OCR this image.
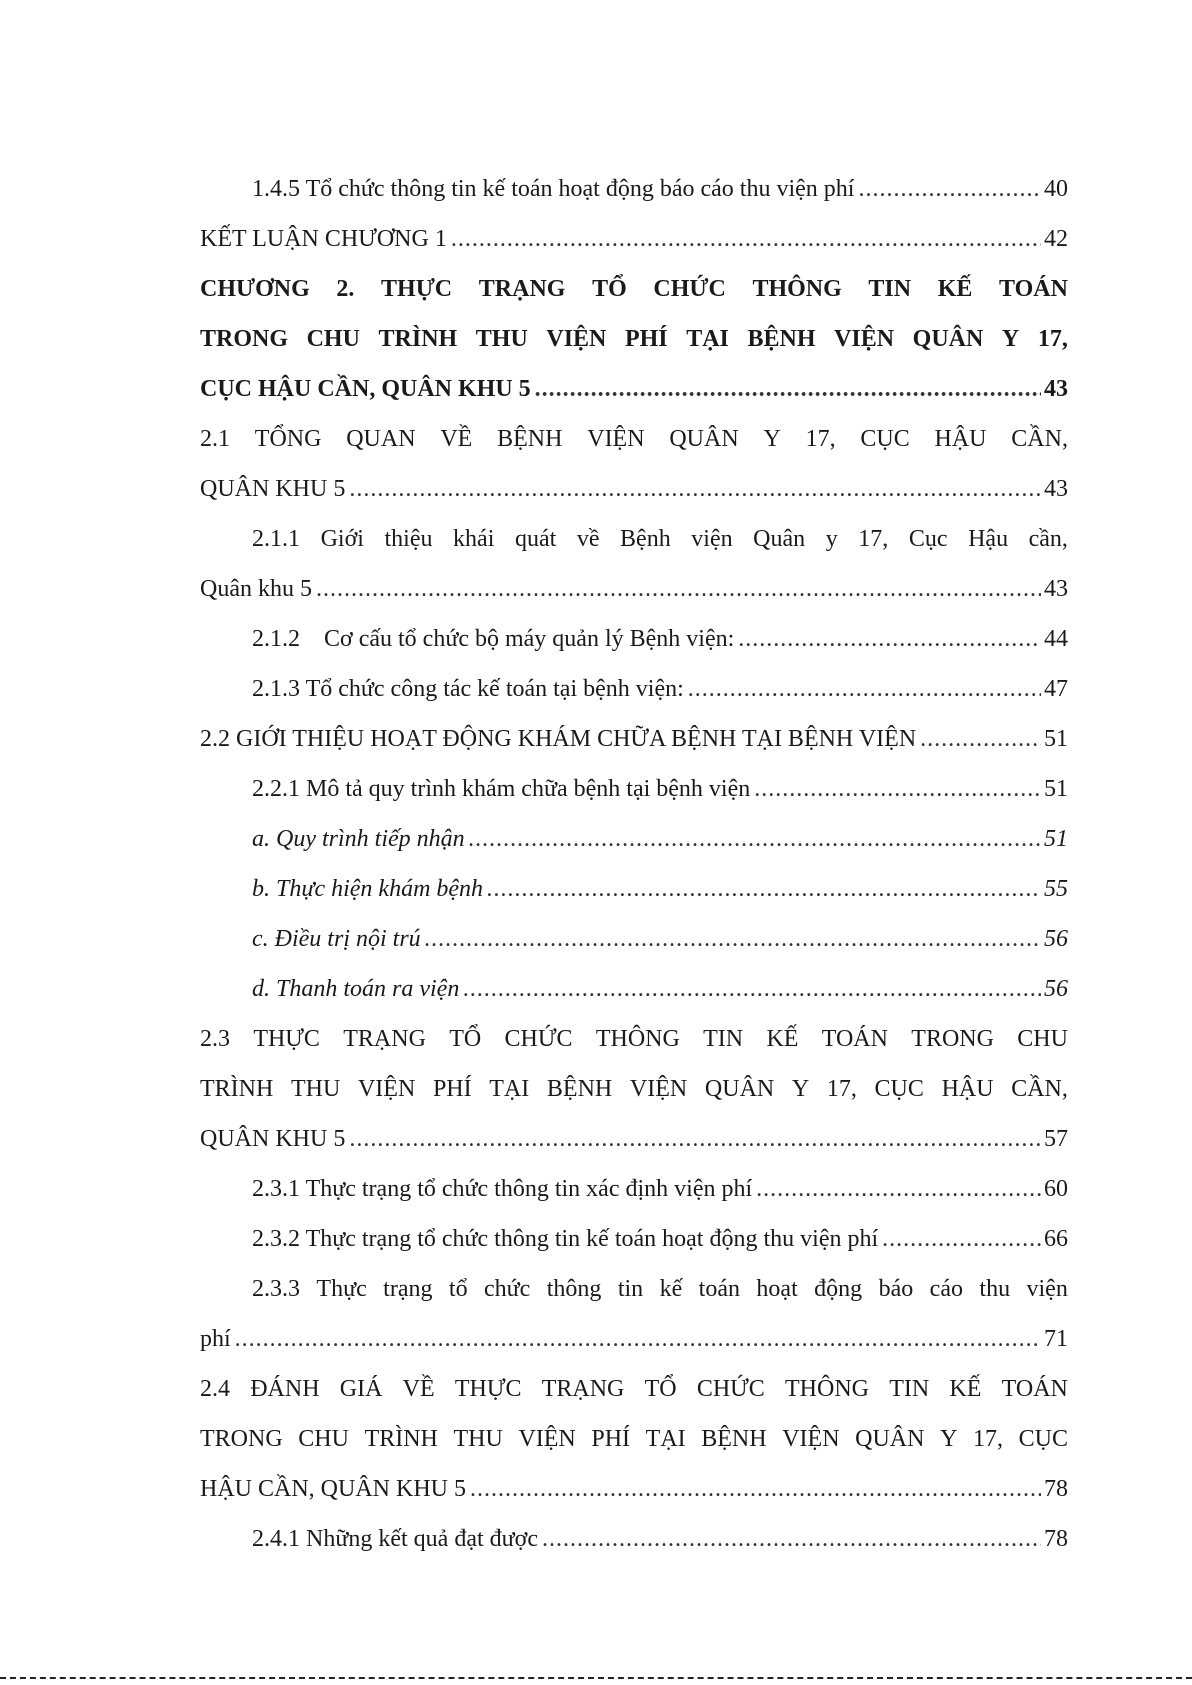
1.4.5 Tổ chức thông tin kế toán hoạt động báo cáo thu viện phí .....	40
KẾT LUẬN CHƯƠNG 1 .....	42
CHƯƠNG 2. THỰC TRẠNG TỔ CHỨC THÔNG TIN KẾ TOÁN
TRONG CHU TRÌNH THU VIỆN PHÍ TẠI BỆNH VIỆN QUÂN Y 17,
CỤC HẬU CẦN, QUÂN KHU 5 .....	43
2.1 TỔNG QUAN VỀ BỆNH VIỆN QUÂN Y 17, CỤC HẬU CẦN,
QUÂN KHU 5 .....	43
2.1.1 Giới thiệu khái quát về Bệnh viện Quân y 17, Cục Hậu cần,
Quân khu 5 .....	43
2.1.2    Cơ cấu tổ chức bộ máy quản lý Bệnh viện: .....	44
2.1.3 Tổ chức công tác kế toán tại bệnh viện: .....	47
2.2 GIỚI THIỆU HOẠT ĐỘNG KHÁM CHỮA BỆNH TẠI BỆNH VIỆN .....	51
2.2.1 Mô tả quy trình khám chữa bệnh tại bệnh viện .....	51
a. Quy trình tiếp nhận .....	51
b. Thực hiện khám bệnh .....	55
c. Điều trị nội trú .....	56
d. Thanh toán ra viện .....	56
2.3 THỰC TRẠNG TỔ CHỨC THÔNG TIN KẾ TOÁN TRONG CHU
TRÌNH THU VIỆN PHÍ TẠI BỆNH VIỆN QUÂN Y 17, CỤC HẬU CẦN,
QUÂN KHU 5 .....	57
2.3.1 Thực trạng tổ chức thông tin xác định viện phí .....	60
2.3.2 Thực trạng tổ chức thông tin kế toán hoạt động thu viện phí .....	66
2.3.3 Thực trạng tổ chức thông tin kế toán hoạt động báo cáo thu viện
phí .....	71
2.4 ĐÁNH GIÁ VỀ THỰC TRẠNG TỔ CHỨC THÔNG TIN KẾ TOÁN
TRONG CHU TRÌNH THU VIỆN PHÍ TẠI BỆNH VIỆN QUÂN Y 17, CỤC
HẬU CẦN, QUÂN KHU 5 .....	78
2.4.1 Những kết quả đạt được .....	78
